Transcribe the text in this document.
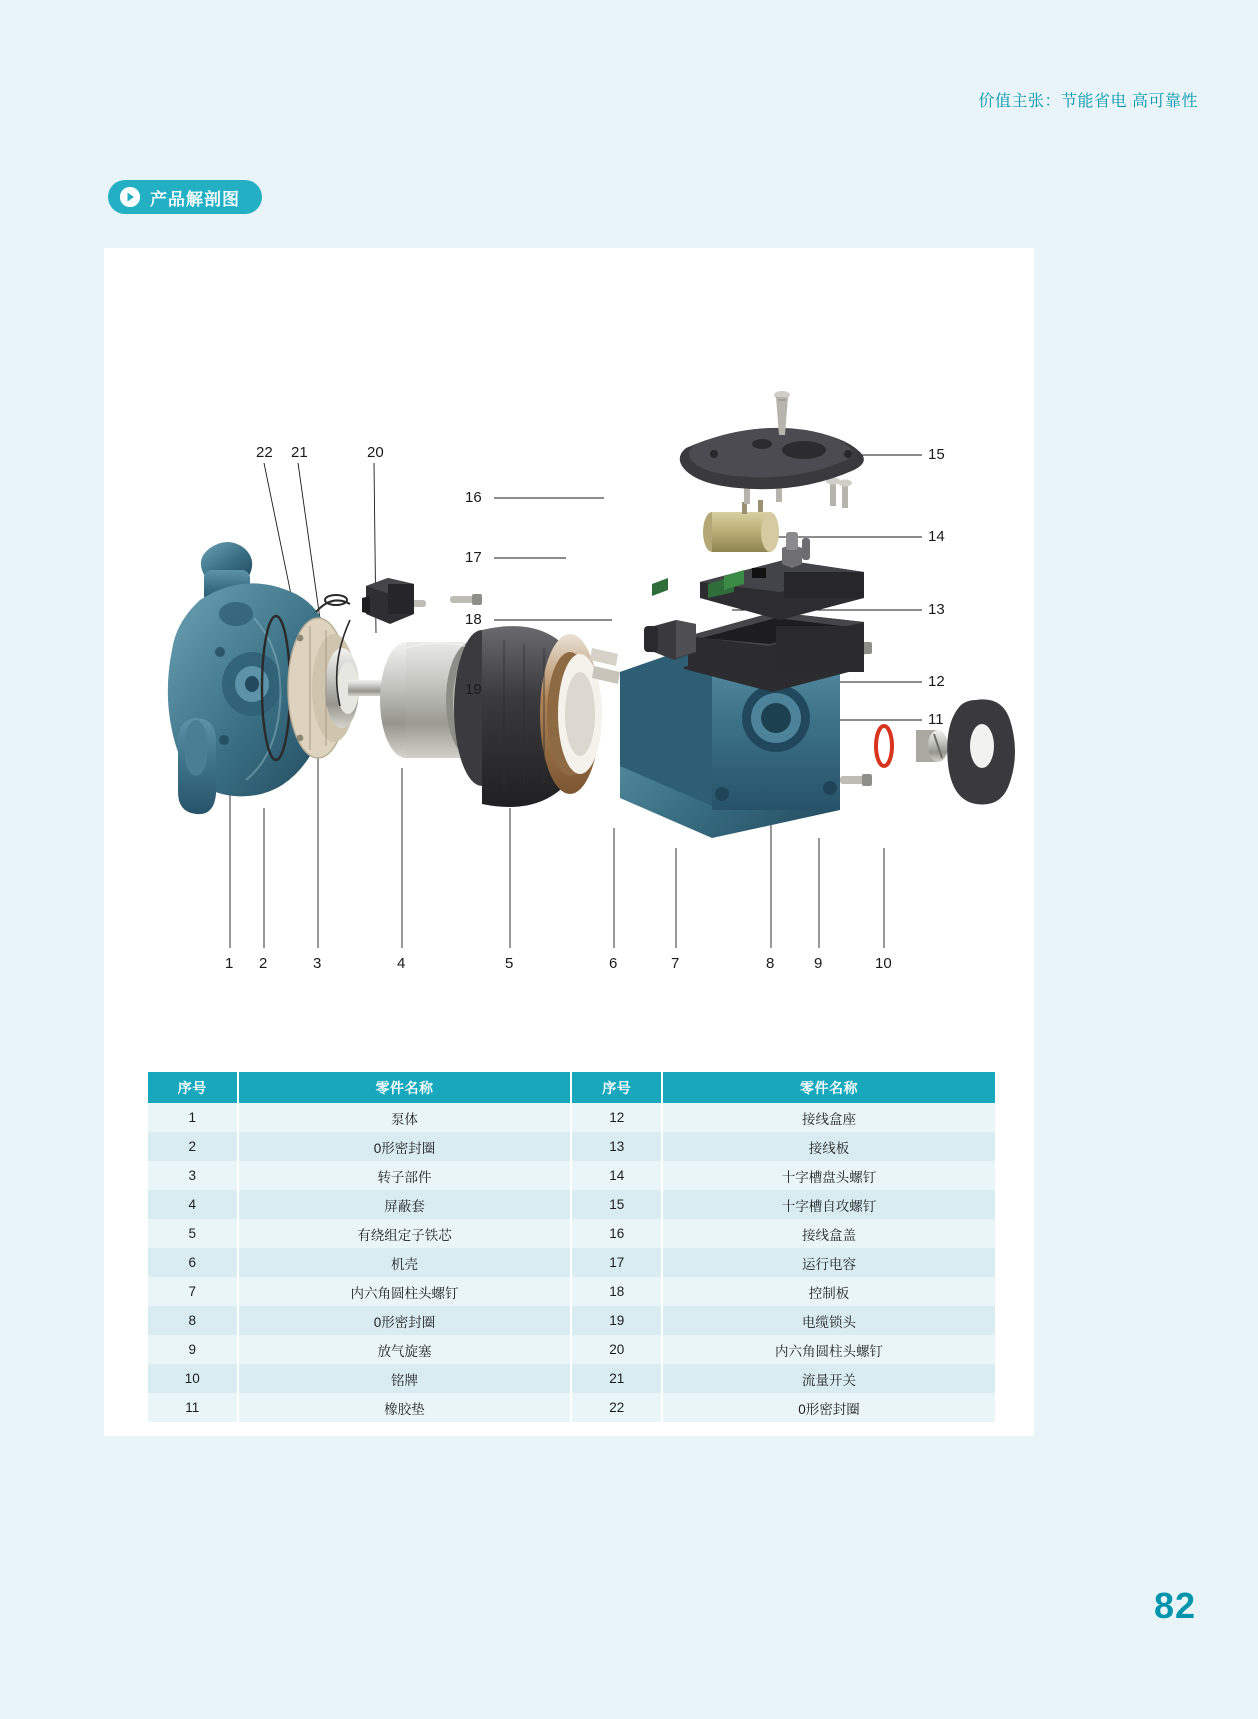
价值主张：节能省电 高可靠性
产品解剖图
22 21	20
16
17
18
19
15
14
13
12
11
1 2	3	4	5	6	7	8	9	10
序号	零件名称	序号	零件名称
1	泵体	12	接线盒座
2	0形密封圈	13	接线板
3	转子部件	14	十字槽盘头螺钉
4	屏蔽套	15	十字槽自攻螺钉
5	有绕组定子铁芯	16	接线盒盖
6	机壳	17	运行电容
7	内六角圆柱头螺钉	18	控制板
8	0形密封圈	19	电缆锁头
9	放气旋塞	20	内六角圆柱头螺钉
10	铭牌	21	流量开关
11	橡胶垫	22	0形密封圈
82
